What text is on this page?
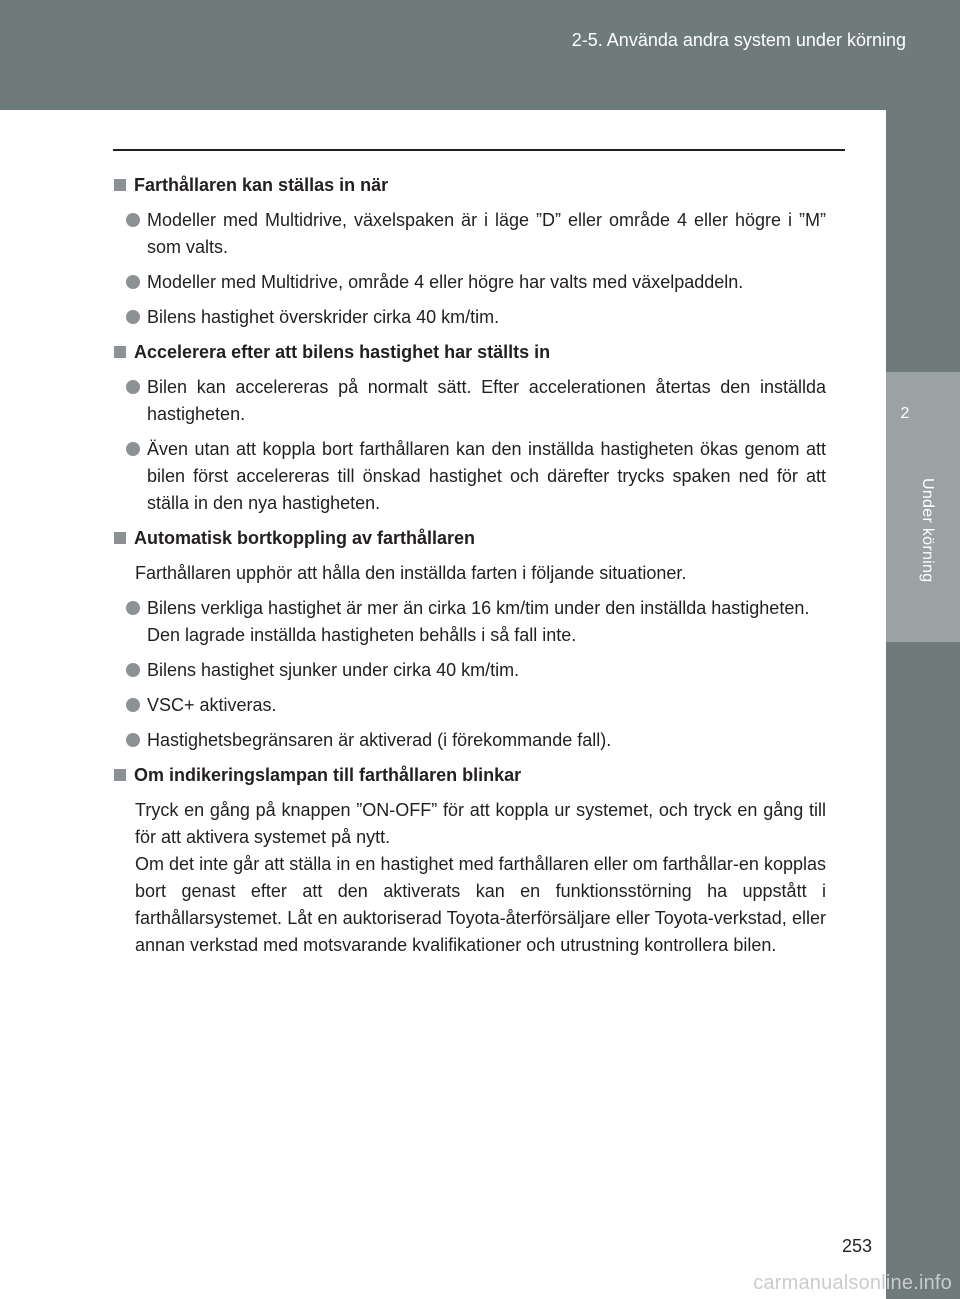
2-5. Använda andra system under körning
2
Under körning
Farthållaren kan ställas in när
Modeller med Multidrive, växelspaken är i läge ”D” eller område 4 eller högre i ”M” som valts.
Modeller med Multidrive, område 4 eller högre har valts med växelpaddeln.
Bilens hastighet överskrider cirka 40 km/tim.
Accelerera efter att bilens hastighet har ställts in
Bilen kan accelereras på normalt sätt. Efter accelerationen återtas den inställda hastigheten.
Även utan att koppla bort farthållaren kan den inställda hastigheten ökas genom att bilen först accelereras till önskad hastighet och därefter trycks spaken ned för att ställa in den nya hastigheten.
Automatisk bortkoppling av farthållaren
Farthållaren upphör att hålla den inställda farten i följande situationer.
Bilens verkliga hastighet är mer än cirka 16 km/tim under den inställda hastigheten.
Den lagrade inställda hastigheten behålls i så fall inte.
Bilens hastighet sjunker under cirka 40 km/tim.
VSC+ aktiveras.
Hastighetsbegränsaren är aktiverad (i förekommande fall).
Om indikeringslampan till farthållaren blinkar
Tryck en gång på knappen ”ON-OFF” för att koppla ur systemet, och tryck en gång till för att aktivera systemet på nytt.
Om det inte går att ställa in en hastighet med farthållaren eller om farthållar-en kopplas bort genast efter att den aktiverats kan en funktionsstörning ha uppstått i farthållarsystemet. Låt en auktoriserad Toyota-återförsäljare eller Toyota-verkstad, eller annan verkstad med motsvarande kvalifikationer och utrustning kontrollera bilen.
253
carmanualsonline.info
